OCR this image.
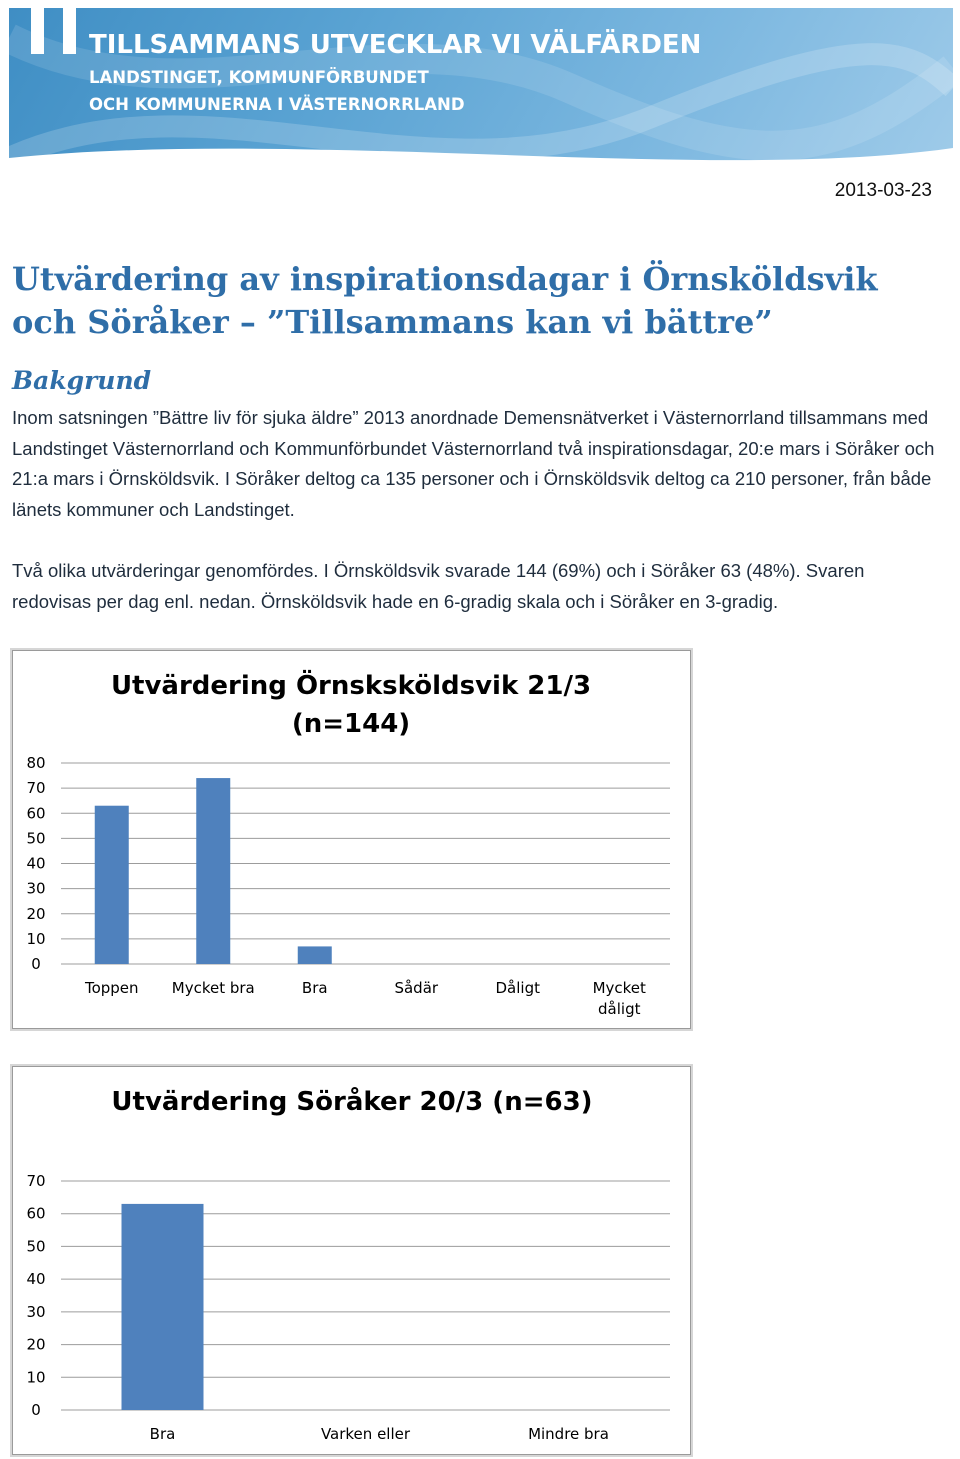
TILLSAMMANS UTVECKLAR VI VÄLFÄRDEN
LANDSTINGET, KOMMUNFÖRBUNDET
OCH KOMMUNERNA I VÄSTERNORRLAND
2013-03-23
Utvärdering av inspirationsdagar i Örnsköldsvik och Söråker – ”Tillsammans kan vi bättre”
Bakgrund

Inom satsningen ”Bättre liv för sjuka äldre” 2013 anordnade Demensnätverket i Västernorrland tillsammans med Landstinget Västernorrland och Kommunförbundet Västernorrland två inspirationsdagar, 20:e mars i Söråker och 21:a mars i Örnsköldsvik. I Söråker deltog ca 135 personer och i Örnsköldsvik deltog ca 210 personer, från både länets kommuner och Landstinget.

Två olika utvärderingar genomfördes. I Örnsköldsvik svarade 144 (69%) och i Söråker 63 (48%). Svaren redovisas per dag enl. nedan. Örnsköldsvik hade en 6-gradig skala och i Söråker en 3-gradig.

Utvärdering Örnsksköldsvik 21/3
(n=144)
0
10
20
30
40
50
60
70
80
Toppen Mycket bra	Bra	Sådär	Dåligt	Mycket
dåligt
Utvärdering Söråker 20/3 (n=63)
0
10
20
30
40
50
60
70
Bra	Varken eller	Mindre bra
